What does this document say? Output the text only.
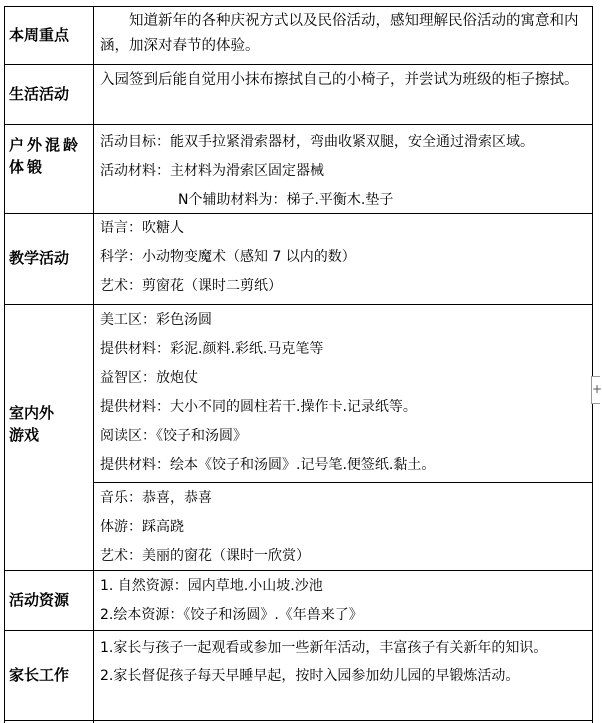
本周重点
知道新年的各种庆祝方式以及民俗活动，感知理解民俗活动的寓意和内涵，加深对春节的体验。
生活活动
入园签到后能自觉用小抹布擦拭自己的小椅子，并尝试为班级的柜子擦拭。
户外混龄体锻
活动目标：能双手拉紧滑索器材，弯曲收紧双腿，安全通过滑索区域。
活动材料：主材料为滑索区固定器械
N个辅助材料为：梯子.平衡木.垫子
教学活动
语言：吹糖人
科学：小动物变魔术（感知 7 以内的数）
艺术：剪窗花（课时二剪纸）
室内外游戏
美工区：彩色汤圆
提供材料：彩泥.颜料.彩纸.马克笔等
益智区：放炮仗
提供材料：大小不同的圆柱若干.操作卡.记录纸等。
阅读区：《饺子和汤圆》
提供材料：绘本《饺子和汤圆》.记号笔.便签纸.黏土。
音乐：恭喜，恭喜
体游：踩高跷
艺术：美丽的窗花（课时一欣赏）
活动资源
1. 自然资源：园内草地.小山坡.沙池
2.绘本资源：《饺子和汤圆》.《年兽来了》
家长工作
1.家长与孩子一起观看或参加一些新年活动，丰富孩子有关新年的知识。
2.家长督促孩子每天早睡早起，按时入园参加幼儿园的早锻炼活动。
+
